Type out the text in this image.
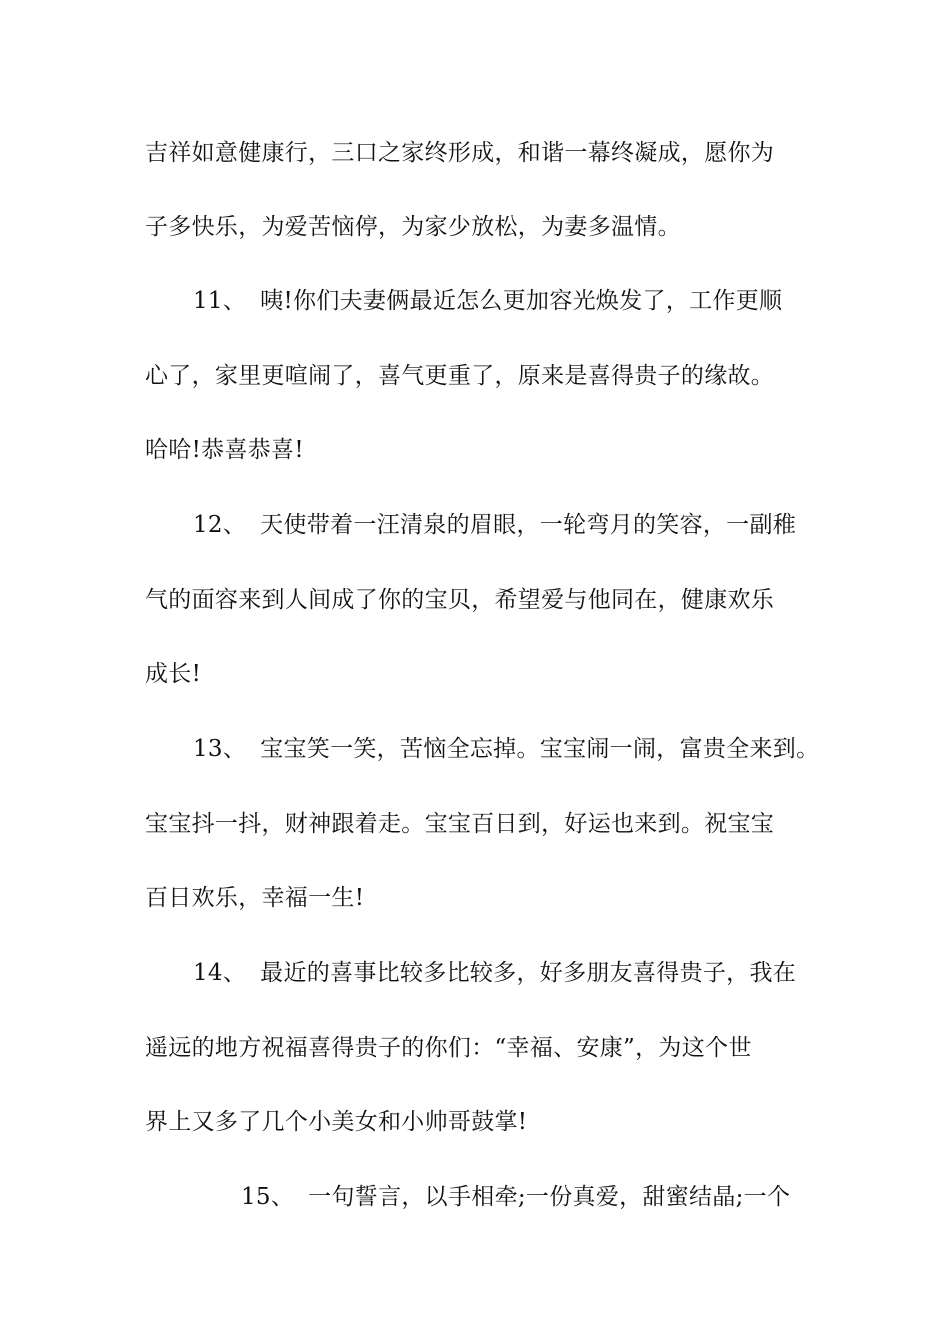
吉祥如意健康行，三口之家终形成，和谐一幕终凝成，愿你为
子多快乐，为爱苦恼停，为家少放松，为妻多温情。
11、 咦!你们夫妻俩最近怎么更加容光焕发了，工作更顺
心了，家里更喧闹了，喜气更重了，原来是喜得贵子的缘故。
哈哈!恭喜恭喜!
12、 天使带着一汪清泉的眉眼，一轮弯月的笑容，一副稚
气的面容来到人间成了你的宝贝，希望爱与他同在，健康欢乐
成长!
13、 宝宝笑一笑，苦恼全忘掉。宝宝闹一闹，富贵全来到。
宝宝抖一抖，财神跟着走。宝宝百日到，好运也来到。祝宝宝
百日欢乐，幸福一生!
14、 最近的喜事比较多比较多，好多朋友喜得贵子，我在
遥远的地方祝福喜得贵子的你们：“幸福、安康”，为这个世
界上又多了几个小美女和小帅哥鼓掌!
15、 一句誓言，以手相牵;一份真爱，甜蜜结晶;一个
